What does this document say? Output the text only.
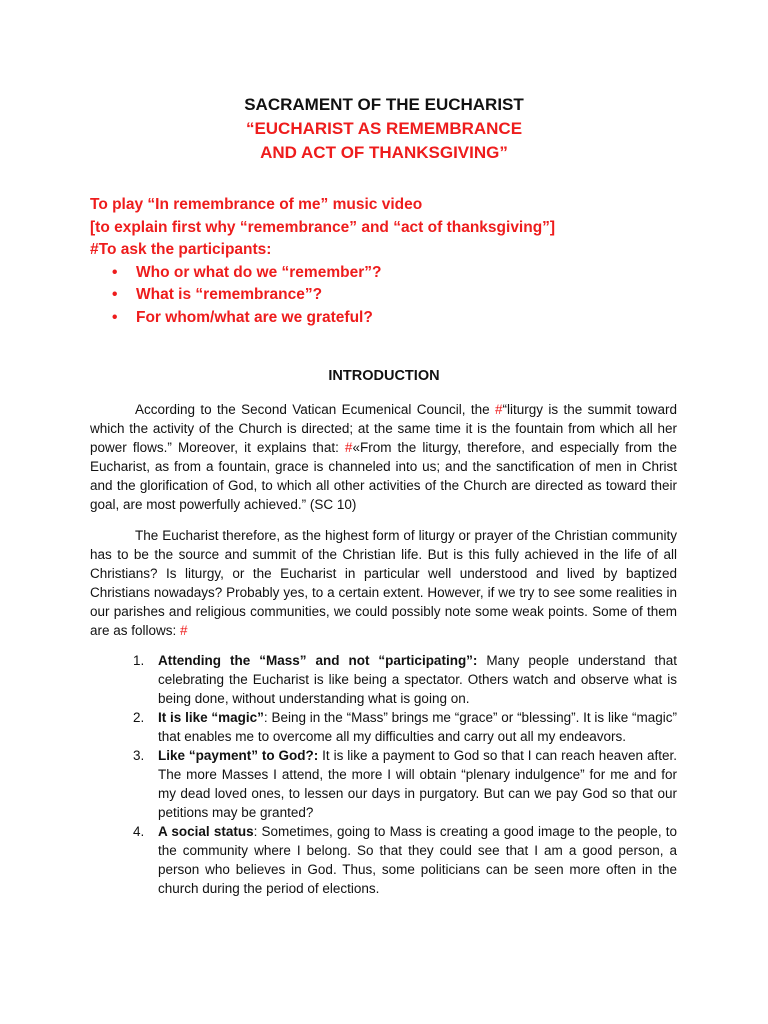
SACRAMENT OF THE EUCHARIST

“EUCHARIST AS REMEMBRANCE

AND ACT OF THANKSGIVING”

To play “In remembrance of me” music video

[to explain first why “remembrance” and “act of thanksgiving”]

#To ask the participants:

• Who or what do we “remember”?
• What is “remembrance”?
• For whom/what are we grateful?

INTRODUCTION

According to the Second Vatican Ecumenical Council, the #“liturgy is the summit toward which the activity of the Church is directed; at the same time it is the fountain from which all her power flows.” Moreover, it explains that: #«From the liturgy, therefore, and especially from the Eucharist, as from a fountain, grace is channeled into us; and the sanctification of men in Christ and the glorification of God, to which all other activities of the Church are directed as toward their goal, are most powerfully achieved.” (SC 10)

The Eucharist therefore, as the highest form of liturgy or prayer of the Christian community has to be the source and summit of the Christian life. But is this fully achieved in the life of all Christians? Is liturgy, or the Eucharist in particular well understood and lived by baptized Christians nowadays? Probably yes, to a certain extent. However, if we try to see some realities in our parishes and religious communities, we could possibly note some weak points. Some of them are as follows: #

1. Attending the “Mass” and not “participating”: Many people understand that celebrating the Eucharist is like being a spectator. Others watch and observe what is being done, without understanding what is going on.
2. It is like “magic”: Being in the “Mass” brings me “grace” or “blessing”. It is like “magic” that enables me to overcome all my difficulties and carry out all my endeavors.
3. Like “payment” to God?: It is like a payment to God so that I can reach heaven after. The more Masses I attend, the more I will obtain “plenary indulgence” for me and for my dead loved ones, to lessen our days in purgatory. But can we pay God so that our petitions may be granted?
4. A social status: Sometimes, going to Mass is creating a good image to the people, to the community where I belong. So that they could see that I am a good person, a person who believes in God. Thus, some politicians can be seen more often in the church during the period of elections.
